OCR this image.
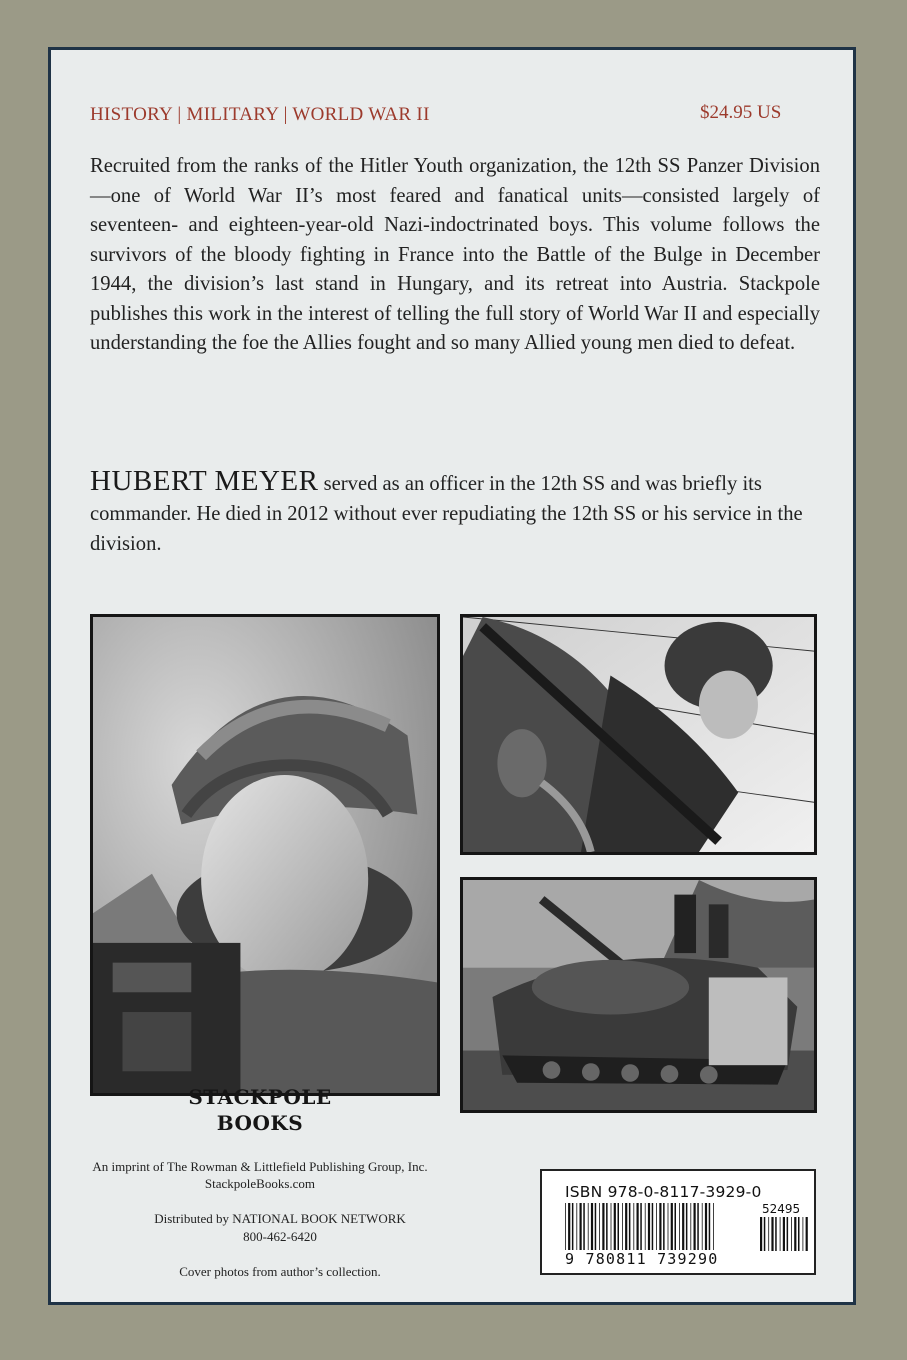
HISTORY | MILITARY | WORLD WAR II	$24.95 US

Recruited from the ranks of the Hitler Youth organization, the 12th SS Panzer Division—one of World War II’s most feared and fanatical units—consisted largely of seventeen- and eighteen-year-old Nazi-indoctrinated boys. This volume follows the survivors of the bloody fighting in France into the Battle of the Bulge in December 1944, the division’s last stand in Hungary, and its retreat into Austria. Stackpole publishes this work in the interest of telling the full story of World War II and especially understanding the foe the Allies fought and so many Allied young men died to defeat.

HUBERT MEYER served as an officer in the 12th SS and was briefly its commander. He died in 2012 without ever repudiating the 12th SS or his service in the division.

STACKPOLE
BOOKS
An imprint of The Rowman & Littlefield Publishing Group, Inc.
StackpoleBooks.com
Distributed by NATIONAL BOOK NETWORK
800-462-6420
Cover photos from author’s collection.
ISBN 978-0-8117-3929-0
52495
9 780811 739290
